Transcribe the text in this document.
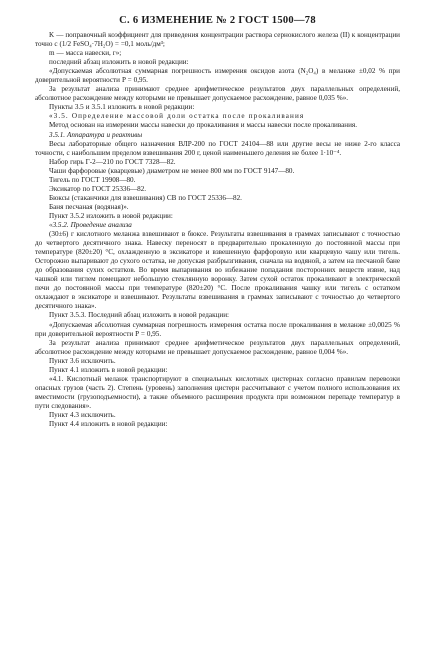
С. 6 ИЗМЕНЕНИЕ № 2 ГОСТ 1500—78

K — поправочный коэффициент для приведения концентрации раствора сернокислого железа (II) к концентрации точно с (1/2 FeSO₄·7H₂O) = =0,1 моль/дм³;

m — масса навески, г»;

последний абзац изложить в новой редакции:

«Допускаемая абсолютная суммарная погрешность измерения оксидов азота (N₂O₄) в меланже ±0,02 % при доверительной вероятности P = 0,95.

За результат анализа принимают среднее арифметическое результатов двух параллельных определений, абсолютное расхождение между которыми не превышает допускаемое расхождение, равное 0,035 %».

Пункты 3.5 и 3.5.1 изложить в новой редакции:

«3.5. Определение массовой доли остатка после прокаливания

Метод основан на измерении массы навески до прокаливания и массы навески после прокаливания.

3.5.1. Аппаратура и реактивы

Весы лабораторные общего назначения ВЛР-200 по ГОСТ 24104—88 или другие весы не ниже 2-го класса точности, с наибольшим пределом взвешивания 200 г, ценой наименьшего деления не более 1·10⁻⁴.

Набор гирь Г-2—210 по ГОСТ 7328—82.

Чаши фарфоровые (кварцевые) диаметром не менее 800 мм по ГОСТ 9147—80.

Тигель по ГОСТ 19908—80.

Эксикатор по ГОСТ 25336—82.

Бюксы (стаканчики для взвешивания) СВ по ГОСТ 25336—82.

Баня песчаная (водяная)».

Пункт 3.5.2 изложить в новой редакции:

«3.5.2. Проведение анализа

(30±6) г кислотного меланжа взвешивают в бюксе. Результаты взвешивания в граммах записывают с точностью до четвертого десятичного знака. Навеску переносят в предварительно прокаленную до постоянной массы при температуре (820±20) °С, охлажденную в эксикаторе и взвешенную фарфоровую или кварцевую чашу или тигель. Осторожно выпаривают до сухого остатка, не допуская разбрызгивания, сначала на водяной, а затем на песчаной бане до образования сухих остатков. Во время выпаривания во избежание попадания посторонних веществ извне, над чашкой или тиглем помещают небольшую стеклянную воронку. Затем сухой остаток прокаливают в электрической печи до постоянной массы при температуре (820±20) °С. После прокаливания чашку или тигель с остатком охлаждают в эксикаторе и взвешивают. Результаты взвешивания в граммах записывают с точностью до четвертого десятичного знака».

Пункт 3.5.3. Последний абзац изложить в новой редакции:

«Допускаемая абсолютная суммарная погрешность измерения остатка после прокаливания в меланже ±0,0025 % при доверительной вероятности P = 0,95.

За результат анализа принимают среднее арифметическое результатов двух параллельных определений, абсолютное расхождение между которыми не превышает допускаемое расхождение, равное 0,004 %».

Пункт 3.6 исключить.

Пункт 4.1 изложить в новой редакции:

«4.1. Кислотный меланж транспортируют в специальных кислотных цистернах согласно правилам перевозки опасных грузов (часть 2). Степень (уровень) заполнения цистерн рассчитывают с учетом полного использования их вместимости (грузоподъемности), а также объемного расширения продукта при возможном перепаде температур в пути следования».

Пункт 4.3 исключить.

Пункт 4.4 изложить в новой редакции:
